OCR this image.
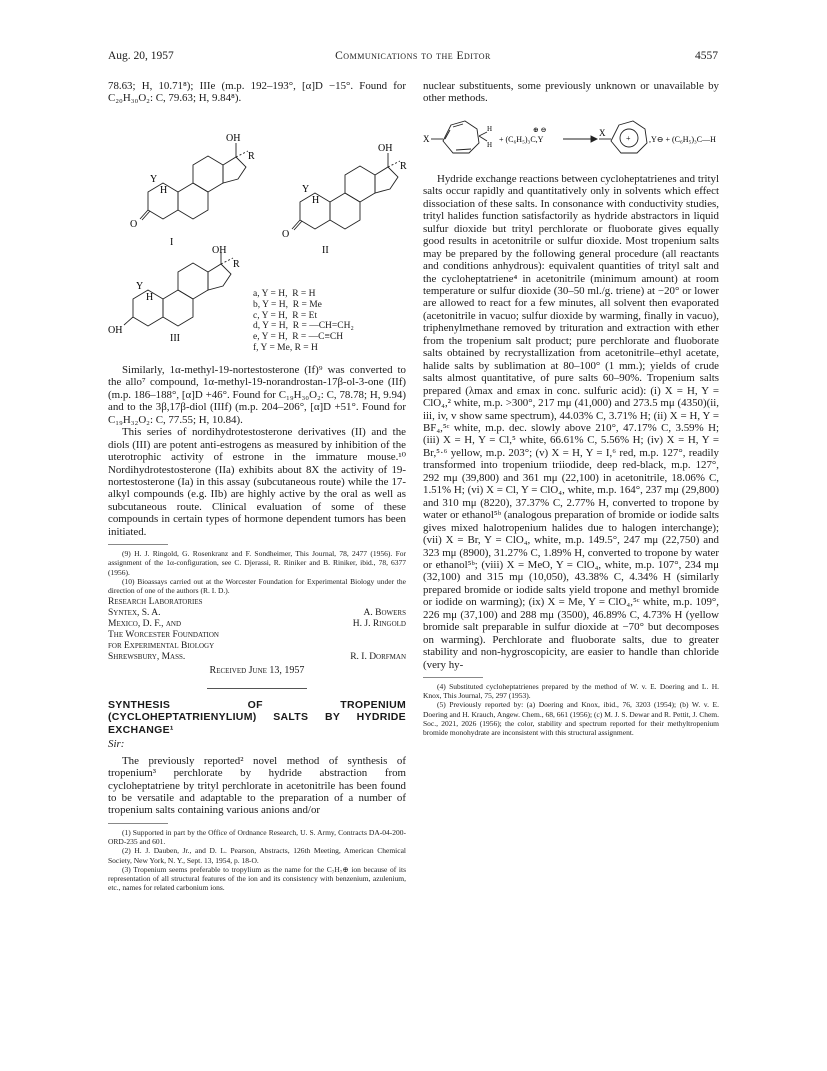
Aug. 20, 1957	Communications to the Editor	4557

78.63; H, 10.71⁸); IIIe (m.p. 192–193°, [α]D −15°. Found for C₂₀H₃₀O₂: C, 79.63; H, 9.84⁸).

OH
R
Y
H
O
I
OH
R
Y
H
O
II
OH
R
Y
H
OH
III
a, Y = H,  R = H
b, Y = H,  R = Me
c, Y = H,  R = Et
d, Y = H,  R = —CH=CH₂
e, Y = H,  R = —C≡CH
f, Y = Me, R = H

Similarly, 1α-methyl-19-nortestosterone (If)⁹ was converted to the allo⁷ compound, 1α-methyl-19-norandrostan-17β-ol-3-one (IIf) (m.p. 186–188°, [α]D +46°. Found for C₁₉H₃₀O₂: C, 78.78; H, 9.94) and to the 3β,17β-diol (IIIf) (m.p. 204–206°, [α]D +51°. Found for C₁₉H₃₂O₂: C, 77.55; H, 10.84).

This series of nordihydrotestosterone derivatives (II) and the diols (III) are potent anti-estrogens as measured by inhibition of the uterotrophic activity of estrone in the immature mouse.¹⁰ Nordihydrotestosterone (IIa) exhibits about 8X the activity of 19-nortestosterone (Ia) in this assay (subcutaneous route) while the 17-alkyl compounds (e.g. IIb) are highly active by the oral as well as subcutaneous route. Clinical evaluation of some of these compounds in certain types of hormone dependent tumors has been initiated.

(9) H. J. Ringold, G. Rosenkranz and F. Sondheimer, This Journal, 78, 2477 (1956). For assignment of the 1α-configuration, see C. Djerassi, R. Riniker and B. Riniker, ibid., 78, 6377 (1956).

(10) Bioassays carried out at the Worcester Foundation for Experimental Biology under the direction of one of the authors (R. I. D.).

Research Laboratories
Syntex, S. A.	A. Bowers
Mexico, D. F., and	H. J. Ringold
The Worcester Foundation
for Experimental Biology
Shrewsbury, Mass.	R. I. Dorfman
Received June 13, 1957
SYNTHESIS OF TROPENIUM (CYCLOHEPTATRIENYLIUM) SALTS BY HYDRIDE EXCHANGE¹
Sir:

The previously reported² novel method of synthesis of tropenium³ perchlorate by hydride abstraction from cycloheptatriene by trityl perchlorate in acetonitrile has been found to be versatile and adaptable to the preparation of a number of tropenium salts containing various anions and/or

(1) Supported in part by the Office of Ordnance Research, U. S. Army, Contracts DA-04-200-ORD-235 and 601.

(2) H. J. Dauben, Jr., and D. L. Pearson, Abstracts, 126th Meeting, American Chemical Society, New York, N. Y., Sept. 13, 1954, p. 18-O.

(3) Tropenium seems preferable to tropylium as the name for the C₇H₇⊕ ion because of its representation of all structural features of the ion and its consistency with benzenium, azulenium, etc., names for related carbonium ions.

nuclear substituents, some previously unknown or unavailable by other methods.

X
H
H
+ (C₆H₅)₃C,Y
⊕ ⊖	X
+ ,Y⊖ + (C₆H₅)₃C—H

Hydride exchange reactions between cycloheptatrienes and trityl salts occur rapidly and quantitatively only in solvents which effect dissociation of these salts. In consonance with conductivity studies, trityl halides function satisfactorily as hydride abstractors in liquid sulfur dioxide but trityl perchlorate or fluoborate gives equally good results in acetonitrile or sulfur dioxide. Most tropenium salts may be prepared by the following general procedure (all reactants and conditions anhydrous): equivalent quantities of trityl salt and the cycloheptatriene⁴ in acetonitrile (minimum amount) at room temperature or sulfur dioxide (30–50 ml./g. triene) at −20° or lower are allowed to react for a few minutes, all solvent then evaporated (acetonitrile in vacuo; sulfur dioxide by warming, finally in vacuo), triphenylmethane removed by trituration and extraction with ether from the tropenium salt product; pure perchlorate and fluoborate salts obtained by recrystallization from acetonitrile–ethyl acetate, halide salts by sublimation at 80–100° (1 mm.); yields of crude salts almost quantitative, of pure salts 60–90%. Tropenium salts prepared (λmax and εmax in conc. sulfuric acid): (i) X = H, Y = ClO₄,² white, m.p. >300°, 217 mμ (41,000) and 273.5 mμ (4350)(ii, iii, iv, v show same spectrum), 44.03% C, 3.71% H; (ii) X = H, Y = BF₄,⁵ᶜ white, m.p. dec. slowly above 210°, 47.17% C, 3.59% H; (iii) X = H, Y = Cl,⁵ white, 66.61% C, 5.56% H; (iv) X = H, Y = Br,⁵·⁶ yellow, m.p. 203°; (v) X = H, Y = I,⁶ red, m.p. 127°, readily transformed into tropenium triiodide, deep red-black, m.p. 127°, 292 mμ (39,800) and 361 mμ (22,100) in acetonitrile, 18.06% C, 1.51% H; (vi) X = Cl, Y = ClO₄, white, m.p. 164°, 237 mμ (29,800) and 310 mμ (8220), 37.37% C, 2.77% H, converted to tropone by water or ethanol⁵ᵇ (analogous preparation of bromide or iodide salts gives mixed halotropenium halides due to halogen interchange); (vii) X = Br, Y = ClO₄, white, m.p. 149.5°, 247 mμ (22,750) and 323 mμ (8900), 31.27% C, 1.89% H, converted to tropone by water or ethanol⁵ᵇ; (viii) X = MeO, Y = ClO₄, white, m.p. 107°, 234 mμ (32,100) and 315 mμ (10,050), 43.38% C, 4.34% H (similarly prepared bromide or iodide salts yield tropone and methyl bromide or iodide on warming); (ix) X = Me, Y = ClO₄,⁵ᶜ white, m.p. 109°, 226 mμ (37,100) and 288 mμ (3500), 46.89% C, 4.73% H (yellow bromide salt preparable in sulfur dioxide at −70° but decomposes on warming). Perchlorate and fluoborate salts, due to greater stability and non-hygroscopicity, are easier to handle than chloride (very hy-

(4) Substituted cycloheptatrienes prepared by the method of W. v. E. Doering and L. H. Knox, This Journal, 75, 297 (1953).

(5) Previously reported by: (a) Doering and Knox, ibid., 76, 3203 (1954); (b) W. v. E. Doering and H. Krauch, Angew. Chem., 68, 661 (1956); (c) M. J. S. Dewar and R. Pettit, J. Chem. Soc., 2021, 2026 (1956); the color, stability and spectrum reported for their methyltropenium bromide monohydrate are inconsistent with this structural assignment.
